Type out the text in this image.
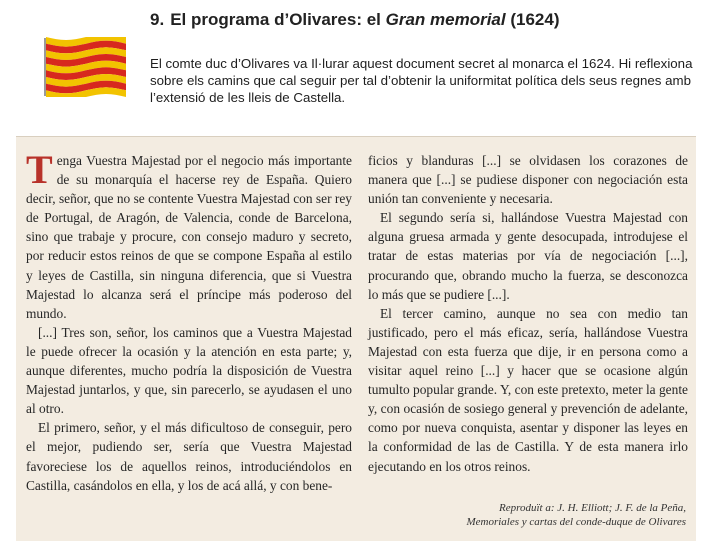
9. El programa d’Olivares: el Gran memorial (1624)
El comte duc d’Olivares va Il·lurar aquest document secret al monarca el 1624. Hi reflexiona sobre els camins que cal seguir per tal d’obtenir la uniformitat política dels seus regnes amb l’extensió de les lleis de Castella.

Tenga Vuestra Majestad por el negocio más importante de su monarquía el hacerse rey de España. Quiero decir, señor, que no se contente Vuestra Majestad con ser rey de Portugal, de Aragón, de Valencia, conde de Barcelona, sino que trabaje y procure, con consejo maduro y secreto, por reducir estos reinos de que se compone España al estilo y leyes de Castilla, sin ninguna diferencia, que si Vuestra Majestad lo alcanza será el príncipe más poderoso del mundo.

[...] Tres son, señor, los caminos que a Vuestra Majestad le puede ofrecer la ocasión y la atención en esta parte; y, aunque diferentes, mucho podría la disposición de Vuestra Majestad juntarlos, y que, sin parecerlo, se ayudasen el uno al otro.

El primero, señor, y el más dificultoso de conseguir, pero el mejor, pudiendo ser, sería que Vuestra Majestad favoreciese los de aquellos reinos, introduciéndolos en Castilla, casándolos en ella, y los de acá allá, y con bene-

ficios y blanduras [...] se olvidasen los corazones de manera que [...] se pudiese disponer con negociación esta unión tan conveniente y necesaria.

El segundo sería si, hallándose Vuestra Majestad con alguna gruesa armada y gente desocupada, introdujese el tratar de estas materias por vía de negociación [...], procurando que, obrando mucho la fuerza, se desconozca lo más que se pudiere [...].

El tercer camino, aunque no sea con medio tan justificado, pero el más eficaz, sería, hallándose Vuestra Majestad con esta fuerza que dije, ir en persona como a visitar aquel reino [...] y hacer que se ocasione algún tumulto popular grande. Y, con este pretexto, meter la gente y, con ocasión de sosiego general y prevención de adelante, como por nueva conquista, asentar y disponer las leyes en la conformidad de las de Castilla. Y de esta manera irlo ejecutando en los otros reinos.

Reproduït a: J. H. Elliott; J. F. de la Peña,
Memoriales y cartas del conde-duque de Olivares
